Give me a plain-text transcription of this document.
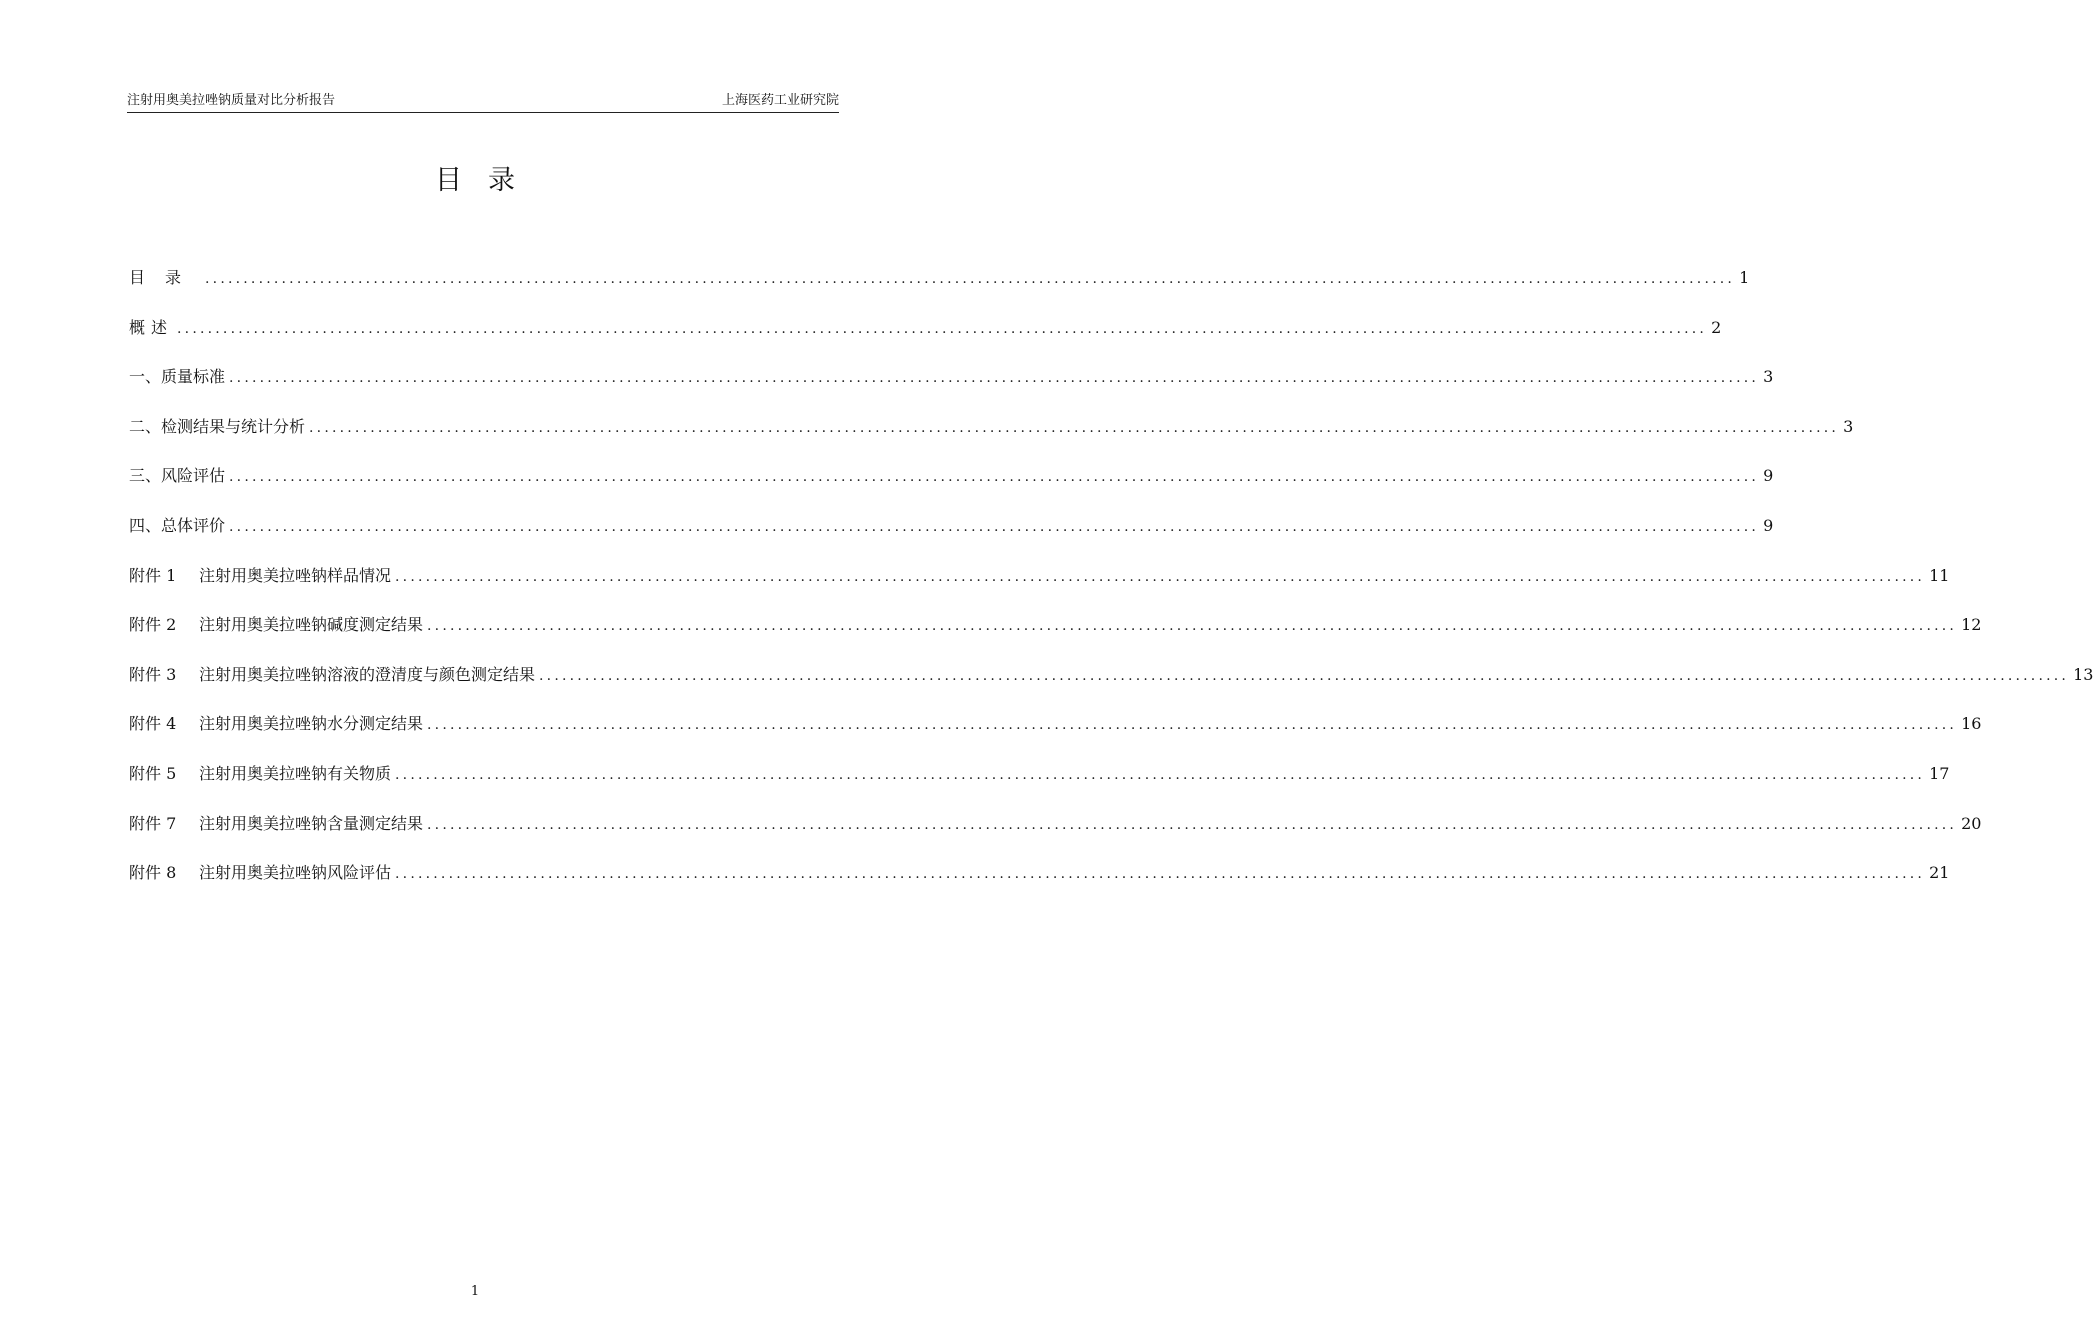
注射用奥美拉唑钠质量对比分析报告	上海医药工业研究院
目录
目录 ........................................................................................................................................................................................................ 1
概述 ........................................................................................................................................................................................................ 2
一、质量标准 ........................................................................................................................................................................................................ 3
二、检测结果与统计分析 ........................................................................................................................................................................................................ 3
三、风险评估 ........................................................................................................................................................................................................ 9
四、总体评价 ........................................................................................................................................................................................................ 9
附件 1 注射用奥美拉唑钠样品情况 ........................................................................................................................................................................................................ 11
附件 2 注射用奥美拉唑钠碱度测定结果 ........................................................................................................................................................................................................ 12
附件 3 注射用奥美拉唑钠溶液的澄清度与颜色测定结果 ........................................................................................................................................................................................................ 13
附件 4 注射用奥美拉唑钠水分测定结果 ........................................................................................................................................................................................................ 16
附件 5 注射用奥美拉唑钠有关物质 ........................................................................................................................................................................................................ 17
附件 7 注射用奥美拉唑钠含量测定结果 ........................................................................................................................................................................................................ 20
附件 8 注射用奥美拉唑钠风险评估 ........................................................................................................................................................................................................ 21
1
